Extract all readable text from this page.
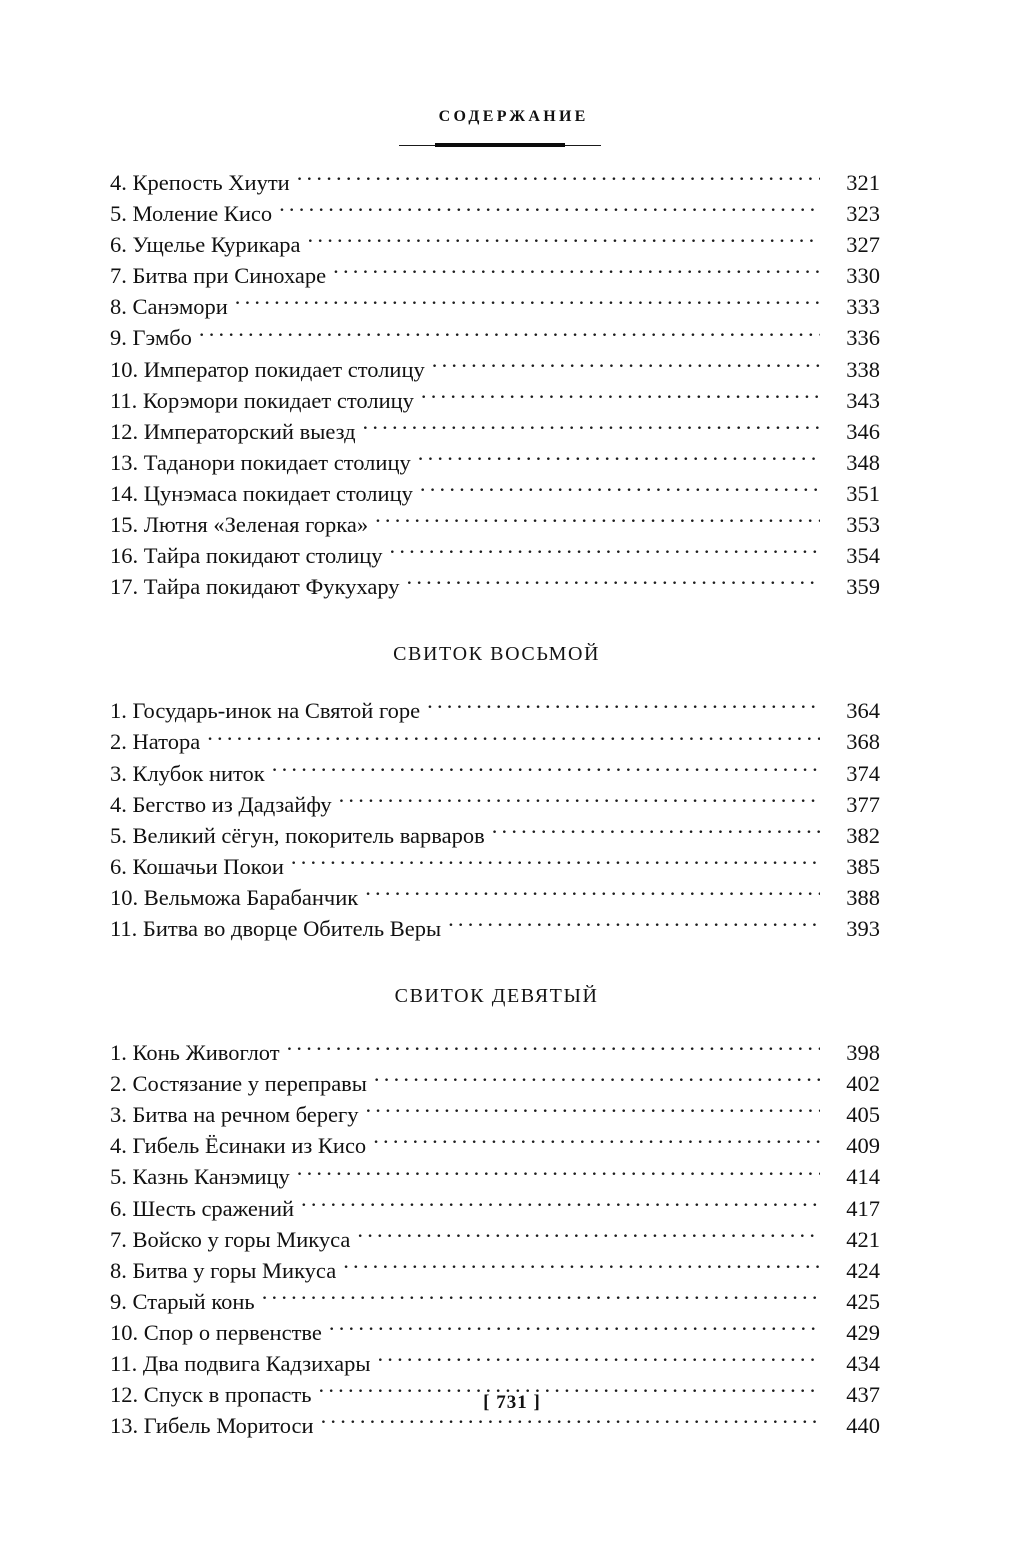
СОДЕРЖАНИЕ
4. Крепость Хиути .....	321
5. Моление Кисо .....	323
6. Ущелье Курикара .....	327
7. Битва при Синохаре .....	330
8. Санэмори .....	333
9. Гэмбо .....	336
10. Император покидает столицу .....	338
11. Корэмори покидает столицу .....	343
12. Императорский выезд .....	346
13. Таданори покидает столицу .....	348
14. Цунэмаса покидает столицу .....	351
15. Лютня «Зеленая горка» .....	353
16. Тайра покидают столицу .....	354
17. Тайра покидают Фукухару .....	359
СВИТОК ВОСЬМОЙ
1. Государь-инок на Святой горе .....	364
2. Натора .....	368
3. Клубок ниток .....	374
4. Бегство из Дадзайфу .....	377
5. Великий сёгун, покоритель варваров .....	382
6. Кошачьи Покои .....	385
10. Вельможа Барабанчик .....	388
11. Битва во дворце Обитель Веры .....	393
СВИТОК ДЕВЯТЫЙ
1. Конь Живоглот .....	398
2. Состязание у переправы .....	402
3. Битва на речном берегу .....	405
4. Гибель Ёсинаки из Кисо .....	409
5. Казнь Канэмицу .....	414
6. Шесть сражений .....	417
7. Войско у горы Микуса .....	421
8. Битва у горы Микуса .....	424
9. Старый конь .....	425
10. Спор о первенстве .....	429
11. Два подвига Кадзихары .....	434
12. Спуск в пропасть .....	437
13. Гибель Моритоси .....	440
[ 731 ]
